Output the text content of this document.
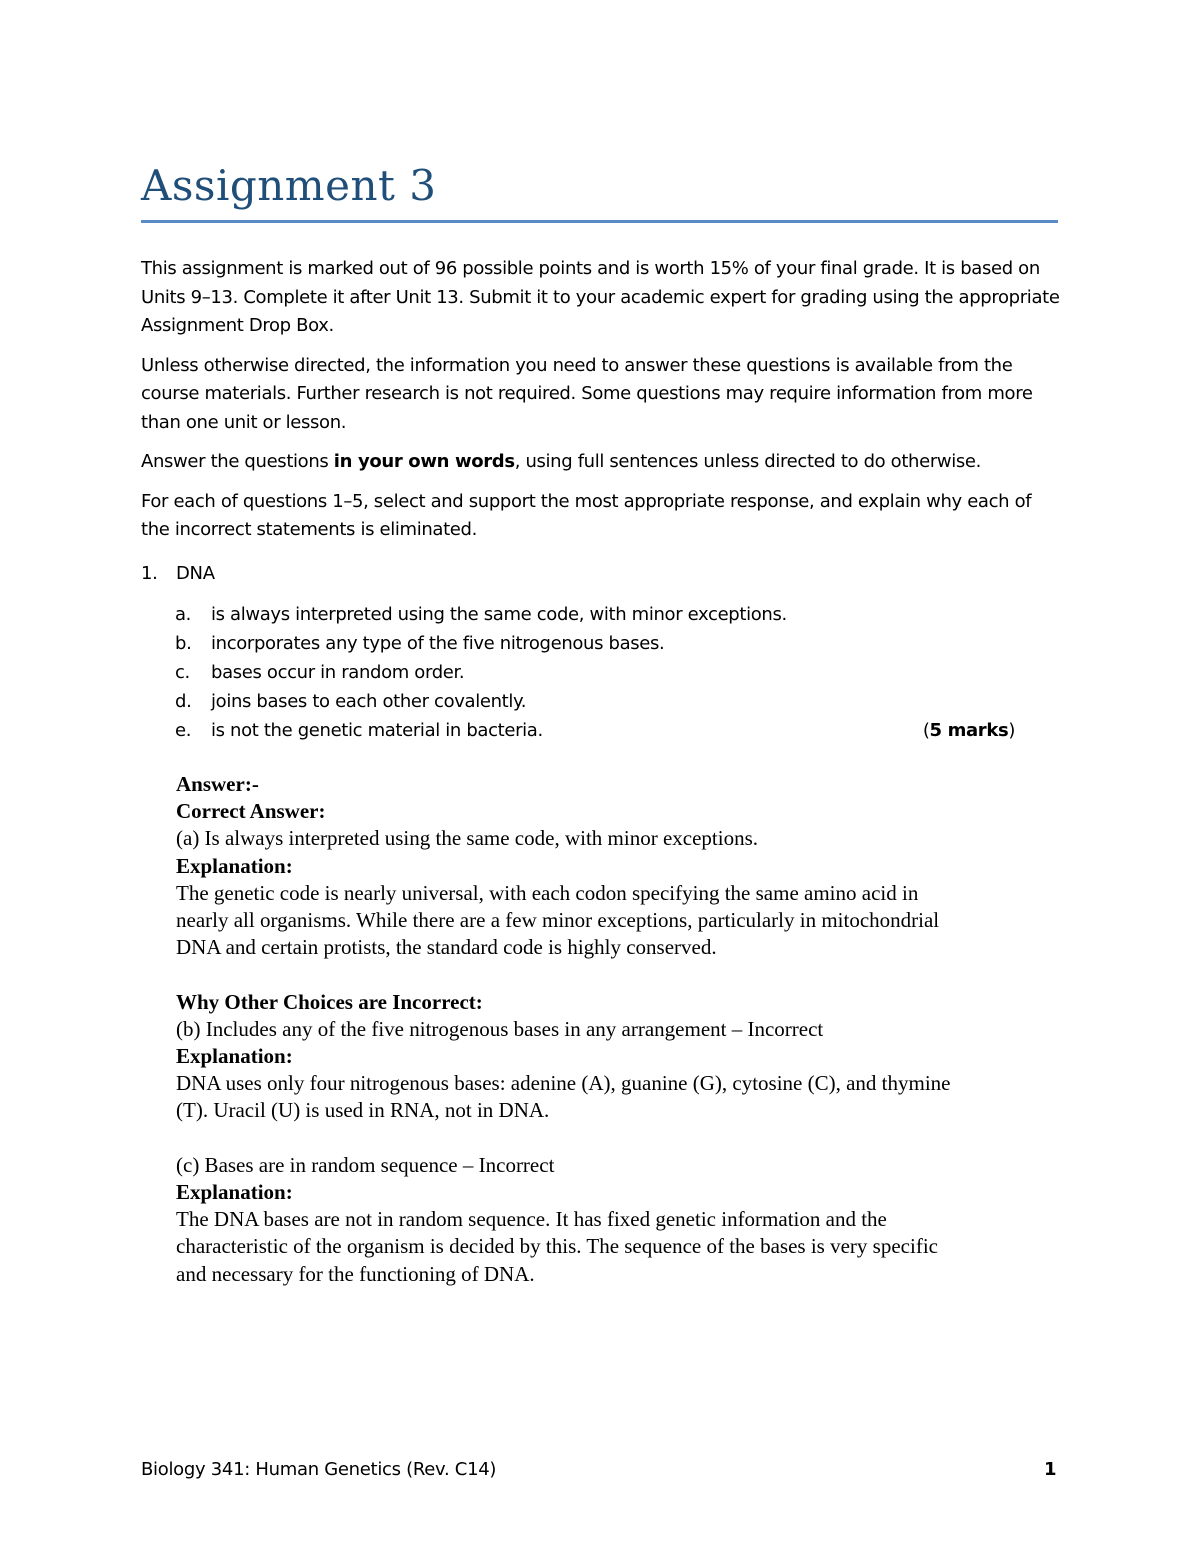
Assignment 3

This assignment is marked out of 96 possible points and is worth 15% of your final grade. It is based on Units 9–13. Complete it after Unit 13. Submit it to your academic expert for grading using the appropriate Assignment Drop Box.

Unless otherwise directed, the information you need to answer these questions is available from the course materials. Further research is not required. Some questions may require information from more than one unit or lesson.

Answer the questions in your own words, using full sentences unless directed to do otherwise.

For each of questions 1–5, select and support the most appropriate response, and explain why each of the incorrect statements is eliminated.

1. DNA
a. is always interpreted using the same code, with minor exceptions.
b. incorporates any type of the five nitrogenous bases.
c. bases occur in random order.
d. joins bases to each other covalently.
e. is not the genetic material in bacteria.	(5 marks)
Answer:-
Correct Answer:
(a) Is always interpreted using the same code, with minor exceptions.
Explanation:
The genetic code is nearly universal, with each codon specifying the same amino acid in
nearly all organisms. While there are a few minor exceptions, particularly in mitochondrial
DNA and certain protists, the standard code is highly conserved.
Why Other Choices are Incorrect:
(b) Includes any of the five nitrogenous bases in any arrangement – Incorrect
Explanation:
DNA uses only four nitrogenous bases: adenine (A), guanine (G), cytosine (C), and thymine
(T). Uracil (U) is used in RNA, not in DNA.
(c) Bases are in random sequence – Incorrect
Explanation:
The DNA bases are not in random sequence. It has fixed genetic information and the
characteristic of the organism is decided by this. The sequence of the bases is very specific
and necessary for the functioning of DNA.
Biology 341: Human Genetics (Rev. C14)	1
